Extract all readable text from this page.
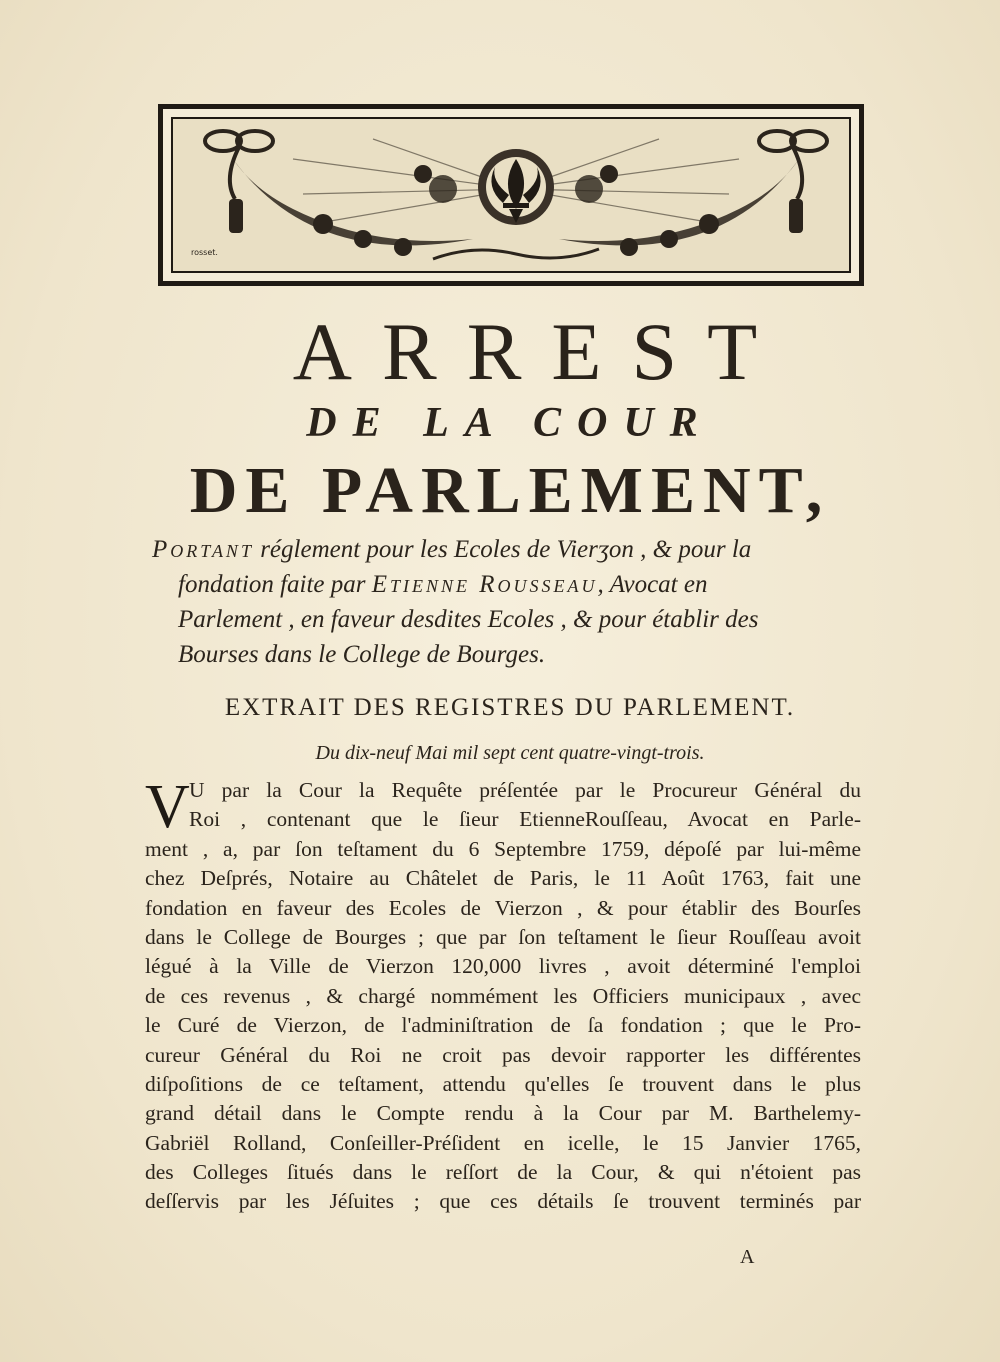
rosset.
ARREST
DE LA COUR
DE PARLEMENT,

Portant réglement pour les Ecoles de Vierʒon , & pour la
fondation faite par Etienne Rousseau, Avocat en
Parlement , en faveur desdites Ecoles , & pour établir des
Bourses dans le College de Bourges.

EXTRAIT DES REGISTRES DU PARLEMENT.

Du dix-neuf Mai mil sept cent quatre-vingt-trois.

V U par la Cour la Requête préſentée par le Procureur Général du
Roi , contenant que le ſieur EtienneRouſſeau, Avocat en Parle-
ment , a, par ſon teſtament du 6 Septembre 1759, dépoſé par lui-même
chez Deſprés, Notaire au Châtelet de Paris, le 11 Août 1763, fait une
fondation en faveur des Ecoles de Vierzon , & pour établir des Bourſes
dans le College de Bourges ; que par ſon teſtament le ſieur Rouſſeau avoit
légué à la Ville de Vierzon 120,000 livres , avoit déterminé l'emploi
de ces revenus , & chargé nommément les Officiers municipaux , avec
le Curé de Vierzon, de l'adminiſtration de ſa fondation ; que le Pro-
cureur Général du Roi ne croit pas devoir rapporter les différentes
diſpoſitions de ce teſtament, attendu qu'elles ſe trouvent dans le plus
grand détail dans le Compte rendu à la Cour par M. Barthelemy-
Gabriël Rolland, Conſeiller-Préſident en icelle, le 15 Janvier 1765,
des Colleges ſitués dans le reſſort de la Cour, & qui n'étoient pas
deſſervis par les Jéſuites ; que ces détails ſe trouvent terminés par
A
